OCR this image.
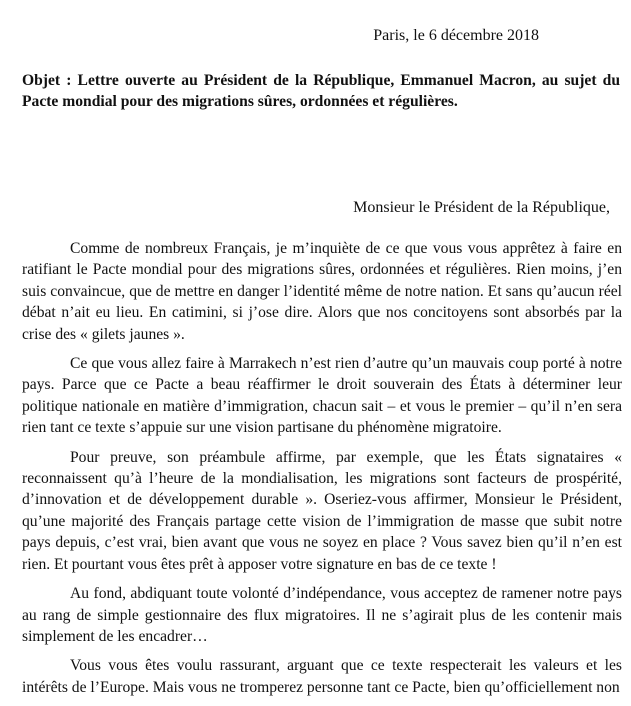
Paris, le 6 décembre 2018
Objet : Lettre ouverte au Président de la République, Emmanuel Macron, au sujet du Pacte mondial pour des migrations sûres, ordonnées et régulières.
Monsieur le Président de la République,

Comme de nombreux Français, je m’inquiète de ce que vous vous apprêtez à faire en ratifiant le Pacte mondial pour des migrations sûres, ordonnées et régulières. Rien moins, j’en suis convaincue, que de mettre en danger l’identité même de notre nation. Et sans qu’aucun réel débat n’ait eu lieu. En catimini, si j’ose dire. Alors que nos concitoyens sont absorbés par la crise des « gilets jaunes ».

Ce que vous allez faire à Marrakech n’est rien d’autre qu’un mauvais coup porté à notre pays. Parce que ce Pacte a beau réaffirmer le droit souverain des États à déterminer leur politique nationale en matière d’immigration, chacun sait – et vous le premier – qu’il n’en sera rien tant ce texte s’appuie sur une vision partisane du phénomène migratoire.

Pour preuve, son préambule affirme, par exemple, que les États signataires « reconnaissent qu’à l’heure de la mondialisation, les migrations sont facteurs de prospérité, d’innovation et de développement durable ». Oseriez-vous affirmer, Monsieur le Président, qu’une majorité des Français partage cette vision de l’immigration de masse que subit notre pays depuis, c’est vrai, bien avant que vous ne soyez en place ? Vous savez bien qu’il n’en est rien. Et pourtant vous êtes prêt à apposer votre signature en bas de ce texte !

Au fond, abdiquant toute volonté d’indépendance, vous acceptez de ramener notre pays au rang de simple gestionnaire des flux migratoires. Il ne s’agirait plus de les contenir mais simplement de les encadrer…

Vous vous êtes voulu rassurant, arguant que ce texte respecterait les valeurs et les intérêts de l’Europe. Mais vous ne tromperez personne tant ce Pacte, bien qu’officiellement non
